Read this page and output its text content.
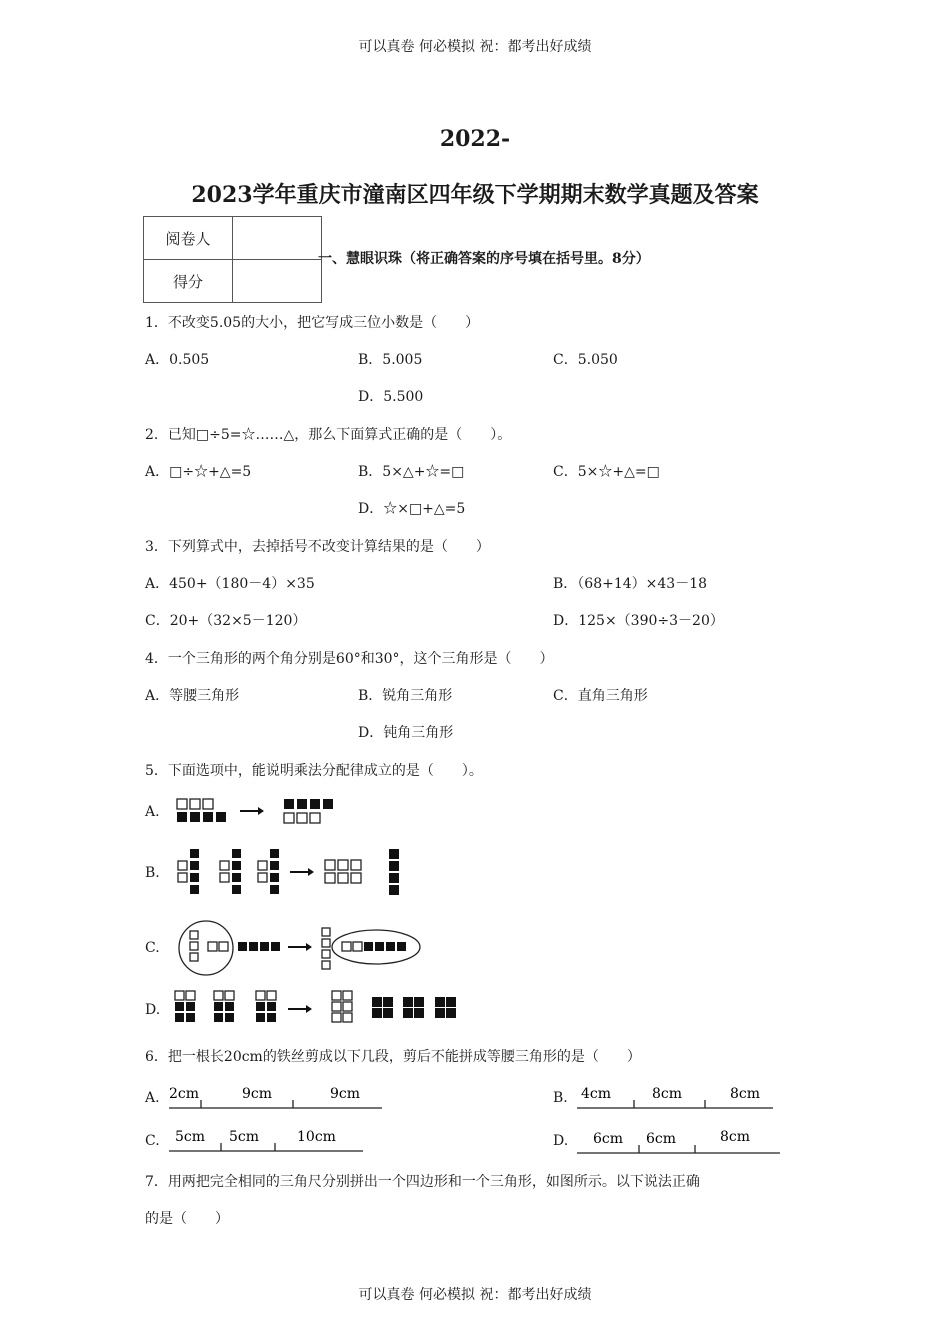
可以真卷 何必模拟 祝：都考出好成绩
2022-
2023学年重庆市潼南区四年级下学期期末数学真题及答案
阅卷人	
得分	
一、慧眼识珠（将正确答案的序号填在括号里。8分）
1．不改变5.05的大小，把它写成三位小数是（　　）
A．0.505	B．5.005	C．5.050
D．5.500
2．已知□÷5=☆……△，那么下面算式正确的是（　　）。
A．□÷☆+△=5	B．5×△+☆=□	C．5×☆+△=□
D．☆×□+△=5
3．下列算式中，去掉括号不改变计算结果的是（　　）
A．450+（180－4）×35	B．（68+14）×43－18
C．20+（32×5－120）	D．125×（390÷3－20）
4．一个三角形的两个角分别是60°和30°，这个三角形是（　　）
A．等腰三角形	B．锐角三角形	C．直角三角形
D．钝角三角形
5．下面选项中，能说明乘法分配律成立的是（　　）。
A.
B.
C.
D.
6．把一根长20cm的铁丝剪成以下几段，剪后不能拼成等腰三角形的是（　　）
A. 2cm	9cm	9cm	B. 4cm	8cm	8cm
C. 5cm 5cm	10cm	D. 6cm 6cm	8cm
7．用两把完全相同的三角尺分别拼出一个四边形和一个三角形，如图所示。以下说法正确
的是（　　）
可以真卷 何必模拟 祝：都考出好成绩
